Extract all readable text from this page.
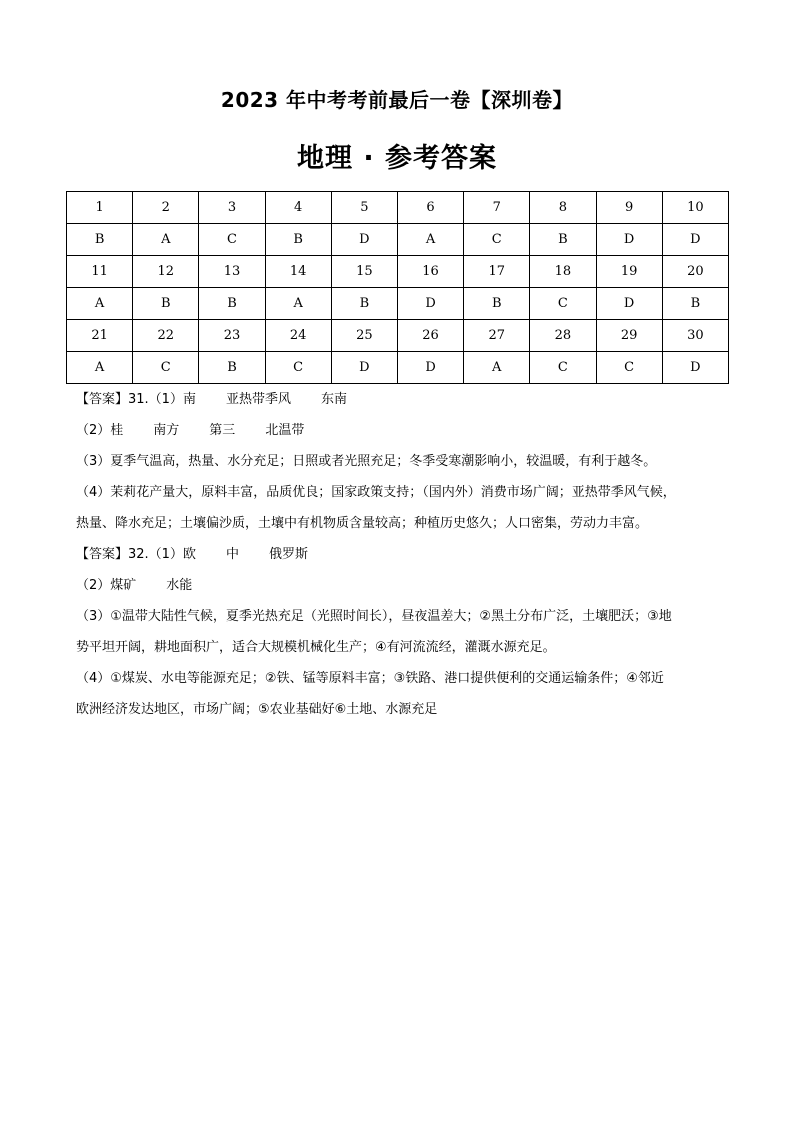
2023 年中考考前最后一卷【深圳卷】
地理 · 参考答案
1	2	3	4	5	6	7	8	9	10
B	A	C	B	D	A	C	B	D	D
11	12	13	14	15	16	17	18	19	20
A	B	B	A	B	D	B	C	D	B
21	22	23	24	25	26	27	28	29	30
A	C	B	C	D	D	A	C	C	D
【答案】31.（1）南 亚热带季风 东南
（2）桂 南方 第三 北温带
（3）夏季气温高，热量、水分充足；日照或者光照充足；冬季受寒潮影响小，较温暖，有利于越冬。
（4）茉莉花产量大，原料丰富，品质优良；国家政策支持；（国内外）消费市场广阔；亚热带季风气候，
热量、降水充足；土壤偏沙质，土壤中有机物质含量较高；种植历史悠久；人口密集，劳动力丰富。
【答案】32.（1）欧 中 俄罗斯
（2）煤矿 水能
（3）①温带大陆性气候，夏季光热充足（光照时间长），昼夜温差大；②黑土分布广泛，土壤肥沃；③地
势平坦开阔，耕地面积广，适合大规模机械化生产；④有河流流经，灌溉水源充足。
（4）①煤炭、水电等能源充足；②铁、锰等原料丰富；③铁路、港口提供便利的交通运输条件；④邻近
欧洲经济发达地区，市场广阔；⑤农业基础好⑥土地、水源充足
